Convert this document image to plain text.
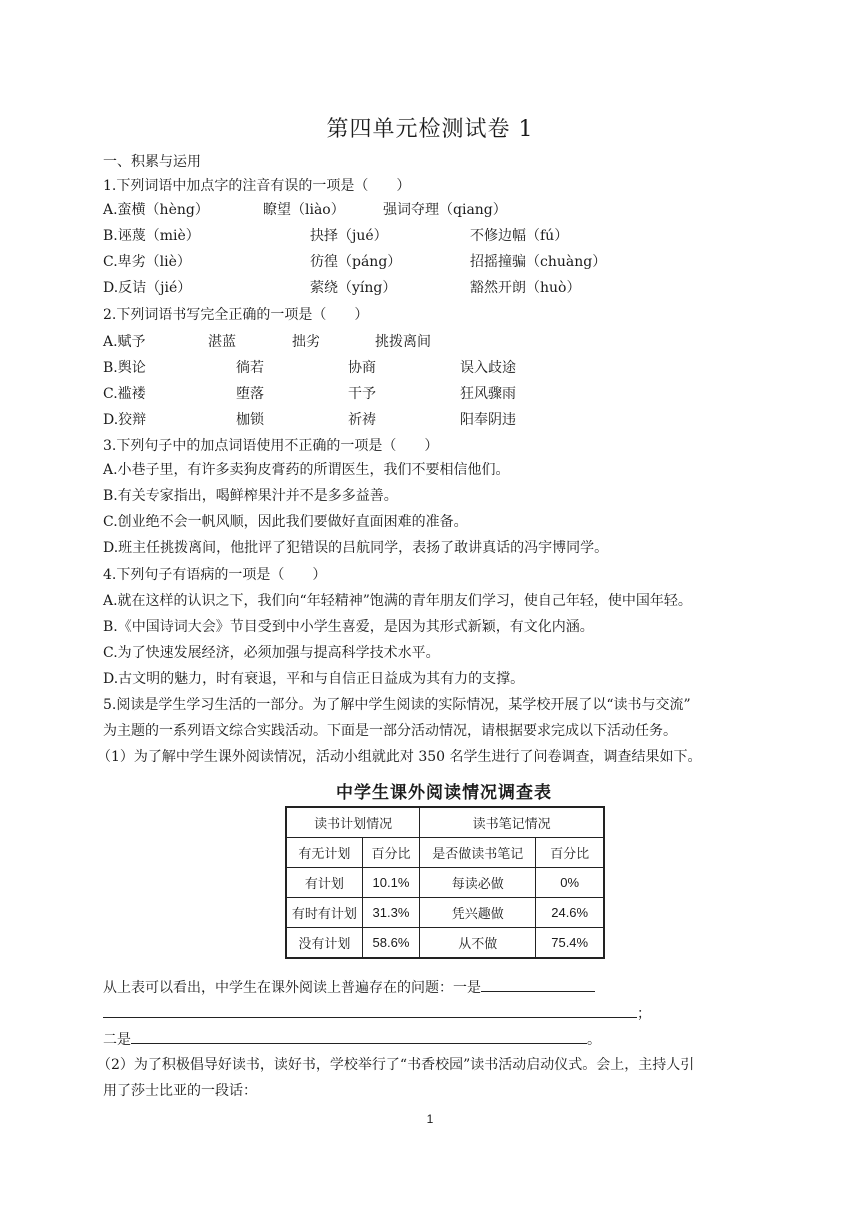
第四单元检测试卷 1
一、积累与运用
1.下列词语中加点字的注音有误的一项是（　　）
A.蛮横（hèng）	瞭望（liào）	强词夺理（qiang）
B.诬蔑（miè）	抉择（jué）	不修边幅（fú）
C.卑劣（liè）	彷徨（páng）	招摇撞骗（chuàng）
D.反诘（jié）	萦绕（yíng）	豁然开朗（huò）
2.下列词语书写完全正确的一项是（　　）
A.赋予	湛蓝	拙劣	挑拨离间
B.舆论	徜若	协商	误入歧途
C.褴褛	堕落	干予	狂风骤雨
D.狡辩	枷锁	祈祷	阳奉阴违
3.下列句子中的加点词语使用不正确的一项是（　　）
A.小巷子里，有许多卖狗皮膏药的所谓医生，我们不要相信他们。
B.有关专家指出，喝鲜榨果汁并不是多多益善。
C.创业绝不会一帆风顺，因此我们要做好直面困难的准备。
D.班主任挑拨离间，他批评了犯错误的吕航同学，表扬了敢讲真话的冯宇博同学。
4.下列句子有语病的一项是（　　）
A.就在这样的认识之下，我们向“年轻精神”饱满的青年朋友们学习，使自己年轻，使中国年轻。
B.《中国诗词大会》节目受到中小学生喜爱，是因为其形式新颖，有文化内涵。
C.为了快速发展经济，必须加强与提高科学技术水平。
D.古文明的魅力，时有衰退，平和与自信正日益成为其有力的支撑。
5.阅读是学生学习生活的一部分。为了解中学生阅读的实际情况，某学校开展了以“读书与交流”
为主题的一系列语文综合实践活动。下面是一部分活动情况，请根据要求完成以下活动任务。
（1）为了解中学生课外阅读情况，活动小组就此对 350 名学生进行了问卷调查，调查结果如下。
中学生课外阅读情况调查表
读书计划情况		读书笔记情况	
有无计划	百分比	是否做读书笔记	百分比
有计划	10.1%	每读必做	0%
有时有计划	31.3%	凭兴趣做	24.6%
没有计划	58.6%	从不做	75.4%
从上表可以看出，中学生在课外阅读上普遍存在的问题：一是
；
二是	。
（2）为了积极倡导好读书，读好书，学校举行了“书香校园”读书活动启动仪式。会上，主持人引
用了莎士比亚的一段话：
1
